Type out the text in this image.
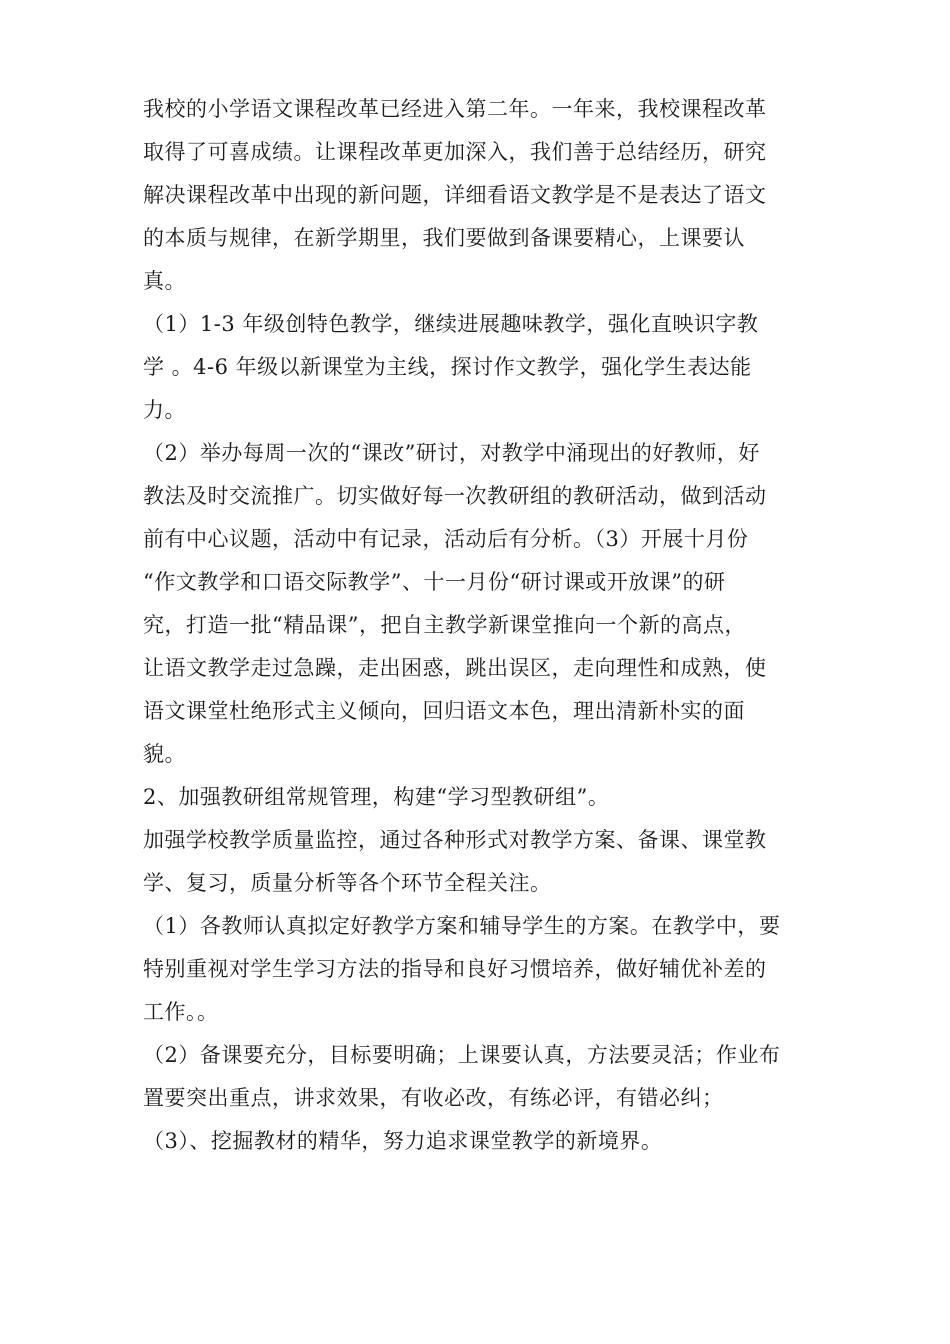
我校的小学语文课程改革已经进入第二年。一年来，我校课程改革
取得了可喜成绩。让课程改革更加深入，我们善于总结经历，研究
解决课程改革中出现的新问题，详细看语文教学是不是表达了语文
的本质与规律，在新学期里，我们要做到备课要精心，上课要认
真。
（1）1-3 年级创特色教学，继续进展趣味教学，强化直映识字教
学 。4-6 年级以新课堂为主线，探讨作文教学，强化学生表达能
力。
（2）举办每周一次的“课改”研讨，对教学中涌现出的好教师，好
教法及时交流推广。切实做好每一次教研组的教研活动，做到活动
前有中心议题，活动中有记录，活动后有分析。（3）开展十月份
“作文教学和口语交际教学”、十一月份“研讨课或开放课”的研
究，打造一批“精品课”，把自主教学新课堂推向一个新的高点，
让语文教学走过急躁，走出困惑，跳出误区，走向理性和成熟，使
语文课堂杜绝形式主义倾向，回归语文本色，理出清新朴实的面
貌。
2、加强教研组常规管理，构建“学习型教研组”。
加强学校教学质量监控，通过各种形式对教学方案、备课、课堂教
学、复习，质量分析等各个环节全程关注。
（1）各教师认真拟定好教学方案和辅导学生的方案。在教学中，要
特别重视对学生学习方法的指导和良好习惯培养，做好辅优补差的
工作。。
（2）备课要充分，目标要明确；上课要认真，方法要灵活；作业布
置要突出重点，讲求效果，有收必改，有练必评，有错必纠；
（3）、挖掘教材的精华，努力追求课堂教学的新境界。
